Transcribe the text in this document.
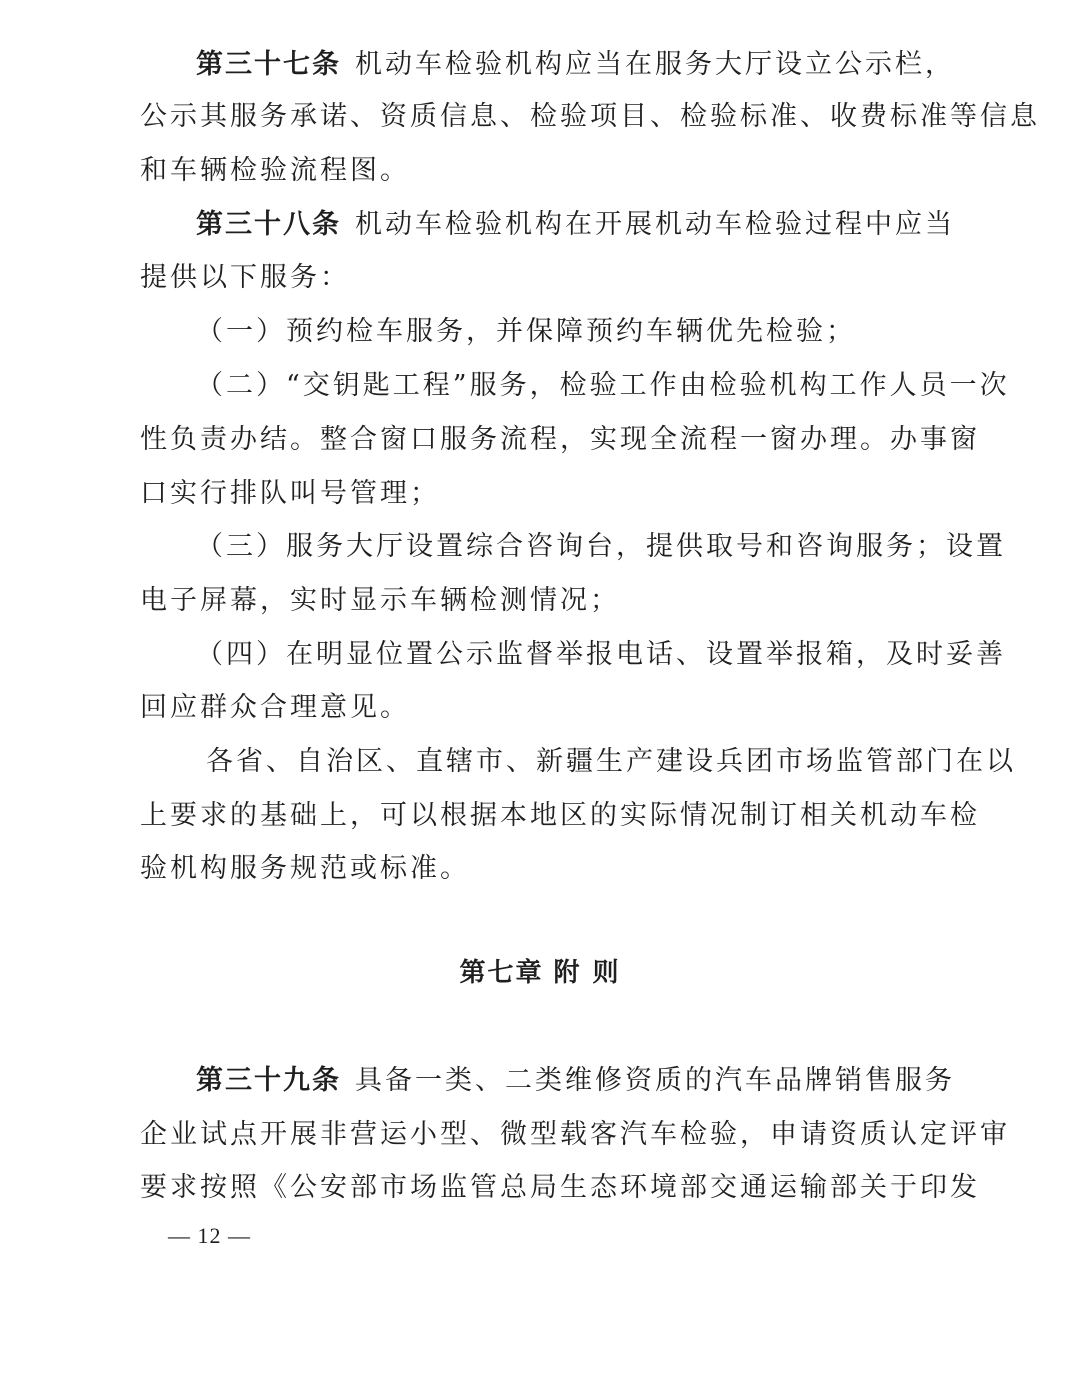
第三十七条 机动车检验机构应当在服务大厅设立公示栏，
公示其服务承诺、资质信息、检验项目、检验标准、收费标准等信息
和车辆检验流程图。
第三十八条 机动车检验机构在开展机动车检验过程中应当
提供以下服务：
（一）预约检车服务，并保障预约车辆优先检验；
（二）“交钥匙工程”服务，检验工作由检验机构工作人员一次
性负责办结。整合窗口服务流程，实现全流程一窗办理。办事窗
口实行排队叫号管理；
（三）服务大厅设置综合咨询台，提供取号和咨询服务；设置
电子屏幕，实时显示车辆检测情况；
（四）在明显位置公示监督举报电话、设置举报箱，及时妥善
回应群众合理意见。
各省、自治区、直辖市、新疆生产建设兵团市场监管部门在以
上要求的基础上，可以根据本地区的实际情况制订相关机动车检
验机构服务规范或标准。
第七章 附 则
第三十九条 具备一类、二类维修资质的汽车品牌销售服务
企业试点开展非营运小型、微型载客汽车检验，申请资质认定评审
要求按照《公安部市场监管总局生态环境部交通运输部关于印发
— 12 —
